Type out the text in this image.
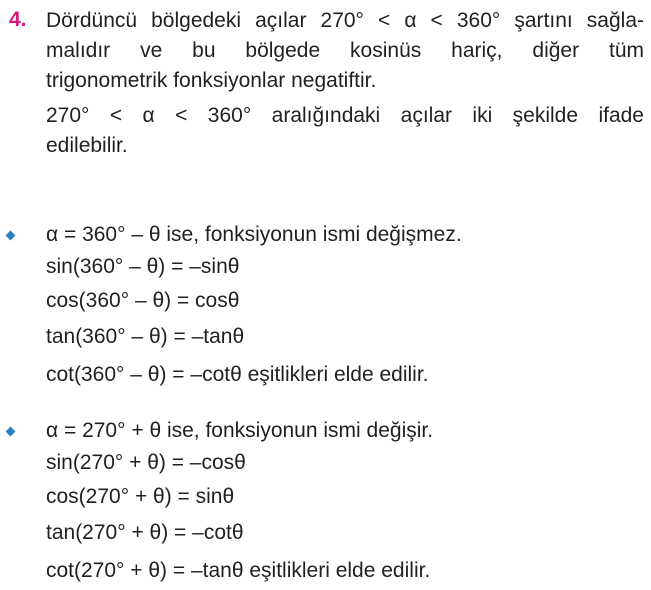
4. Dördüncü bölgedeki açılar 270° < α < 360° şartını sağla-
malıdır ve bu bölgede kosinüs hariç, diğer tüm
trigonometrik fonksiyonlar negatiftir.
270° < α < 360° aralığındaki açılar iki şekilde ifade
edilebilir.
α = 360° – θ ise, fonksiyonun ismi değişmez.
sin(360° – θ) = –sinθ
cos(360° – θ) = cosθ
tan(360° – θ) = –tanθ
cot(360° – θ) = –cotθ eşitlikleri elde edilir.
α = 270° + θ ise, fonksiyonun ismi değişir.
sin(270° + θ) = –cosθ
cos(270° + θ) = sinθ
tan(270° + θ) = –cotθ
cot(270° + θ) = –tanθ eşitlikleri elde edilir.
